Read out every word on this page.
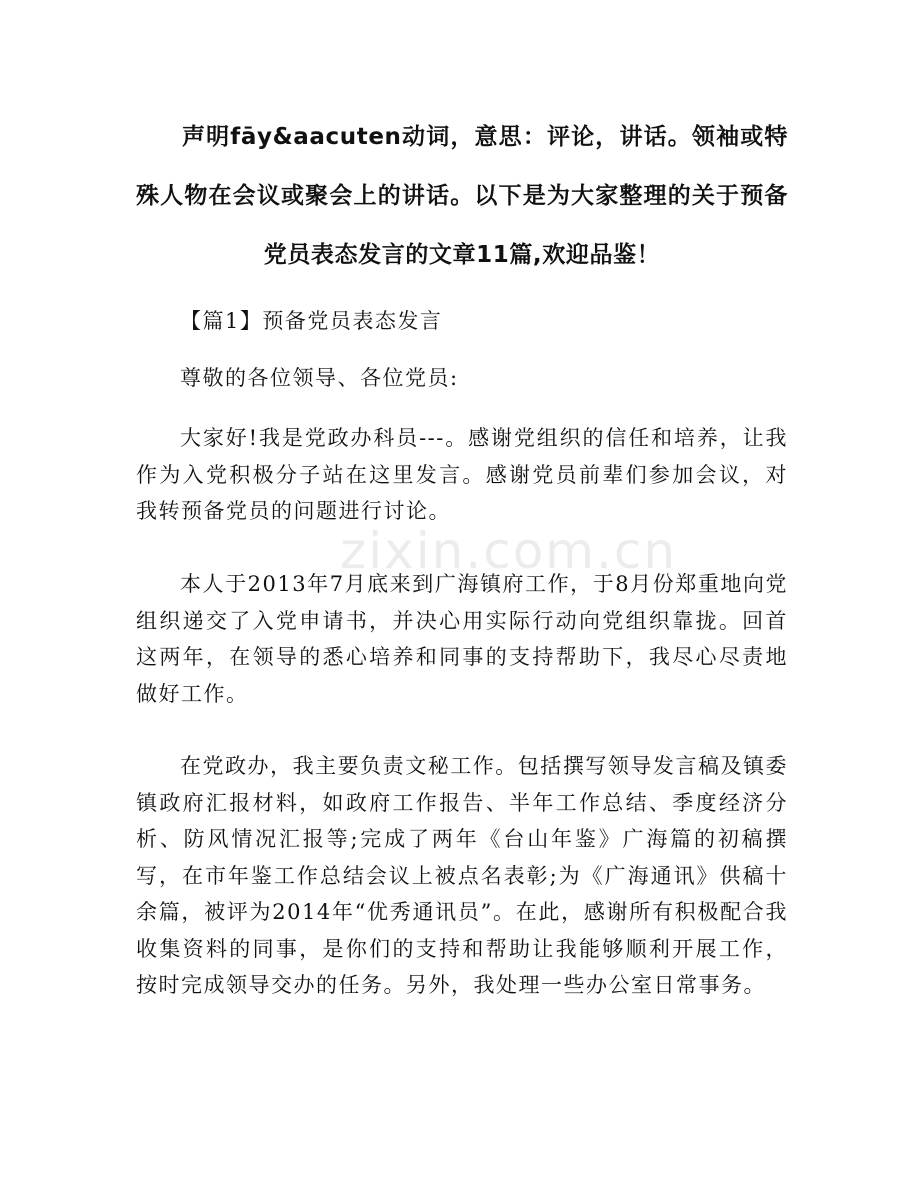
声明fāy&aacuten动词，意思：评论，讲话。领袖或特殊人物在会议或聚会上的讲话。以下是为大家整理的关于预备党员表态发言的文章11篇,欢迎品鉴！

【篇1】预备党员表态发言

尊敬的各位领导、各位党员:

大家好!我是党政办科员---。感谢党组织的信任和培养，让我作为入党积极分子站在这里发言。感谢党员前辈们参加会议，对我转预备党员的问题进行讨论。

本人于2013年7月底来到广海镇府工作，于8月份郑重地向党组织递交了入党申请书，并决心用实际行动向党组织靠拢。回首这两年，在领导的悉心培养和同事的支持帮助下，我尽心尽责地做好工作。

在党政办，我主要负责文秘工作。包括撰写领导发言稿及镇委镇政府汇报材料，如政府工作报告、半年工作总结、季度经济分析、防风情况汇报等;完成了两年《台山年鉴》广海篇的初稿撰写，在市年鉴工作总结会议上被点名表彰;为《广海通讯》供稿十余篇，被评为2014年“优秀通讯员”。在此，感谢所有积极配合我收集资料的同事，是你们的支持和帮助让我能够顺利开展工作，按时完成领导交办的任务。另外，我处理一些办公室日常事务。

zixin.com.cn
